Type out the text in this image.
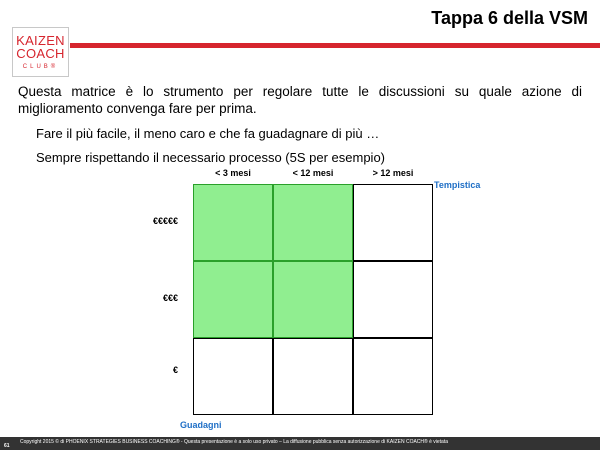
KAIZEN
COACH
CLUB®
Tappa 6 della VSM
Questa matrice è lo strumento per regolare tutte le discussioni su quale azione di miglioramento convenga fare per prima.
Fare il più facile, il meno caro e che fa guadagnare di più …
Sempre rispettando il necessario processo (5S per esempio)
< 3 mesi	< 12 mesi	> 12 mesi
Tempistica
€€€€€
€€€
€
Guadagni
61
Copyright 2015 © di PHOENIX STRATEGIES BUSINESS COACHING® - Questa presentazione è a solo uso privato – La diffusione pubblica senza autorizzazione di KAIZEN COACH® è vietata
